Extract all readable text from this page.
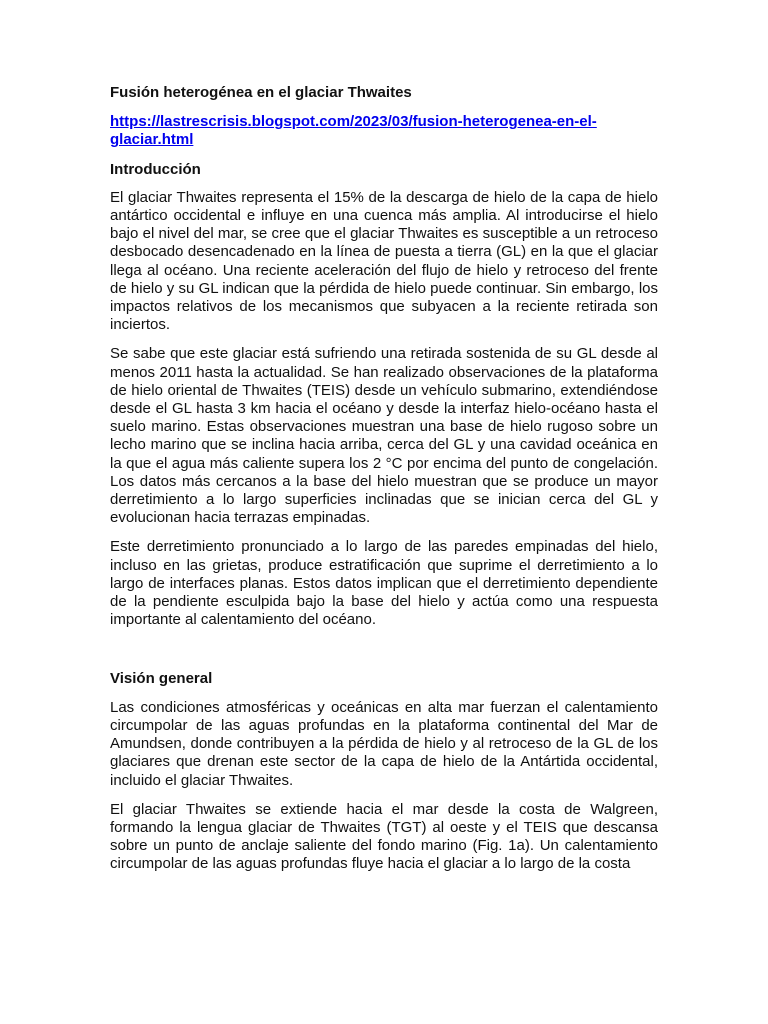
Fusión heterogénea en el glaciar Thwaites
https://lastrescrisis.blogspot.com/2023/03/fusion-heterogenea-en-el-glaciar.html
Introducción

El glaciar Thwaites representa el 15% de la descarga de hielo de la capa de hielo antártico occidental e influye en una cuenca más amplia. Al introducirse el hielo bajo el nivel del mar, se cree que el glaciar Thwaites es susceptible a un retroceso desbocado desencadenado en la línea de puesta a tierra (GL) en la que el glaciar llega al océano. Una reciente aceleración del flujo de hielo y retroceso del frente de hielo y su GL indican que la pérdida de hielo puede continuar. Sin embargo, los impactos relativos de los mecanismos que subyacen a la reciente retirada son inciertos.

Se sabe que este glaciar está sufriendo una retirada sostenida de su GL desde al menos 2011 hasta la actualidad. Se han realizado observaciones de la plataforma de hielo oriental de Thwaites (TEIS) desde un vehículo submarino, extendiéndose desde el GL hasta 3 km hacia el océano y desde la interfaz hielo-océano hasta el suelo marino. Estas observaciones muestran una base de hielo rugoso sobre un lecho marino que se inclina hacia arriba, cerca del GL y una cavidad oceánica en la que el agua más caliente supera los 2 °C por encima del punto de congelación. Los datos más cercanos a la base del hielo muestran que se produce un mayor derretimiento a lo largo superficies inclinadas que se inician cerca del GL y evolucionan hacia terrazas empinadas.

Este derretimiento pronunciado a lo largo de las paredes empinadas del hielo, incluso en las grietas, produce estratificación que suprime el derretimiento a lo largo de interfaces planas. Estos datos implican que el derretimiento dependiente de la pendiente esculpida bajo la base del hielo y actúa como una respuesta importante al calentamiento del océano.

Visión general

Las condiciones atmosféricas y oceánicas en alta mar fuerzan el calentamiento circumpolar de las aguas profundas en la plataforma continental del Mar de Amundsen, donde contribuyen a la pérdida de hielo y al retroceso de la GL de los glaciares que drenan este sector de la capa de hielo de la Antártida occidental, incluido el glaciar Thwaites.

El glaciar Thwaites se extiende hacia el mar desde la costa de Walgreen, formando la lengua glaciar de Thwaites (TGT) al oeste y el TEIS que descansa sobre un punto de anclaje saliente del fondo marino (Fig. 1a). Un calentamiento circumpolar de las aguas profundas fluye hacia el glaciar a lo largo de la costa
